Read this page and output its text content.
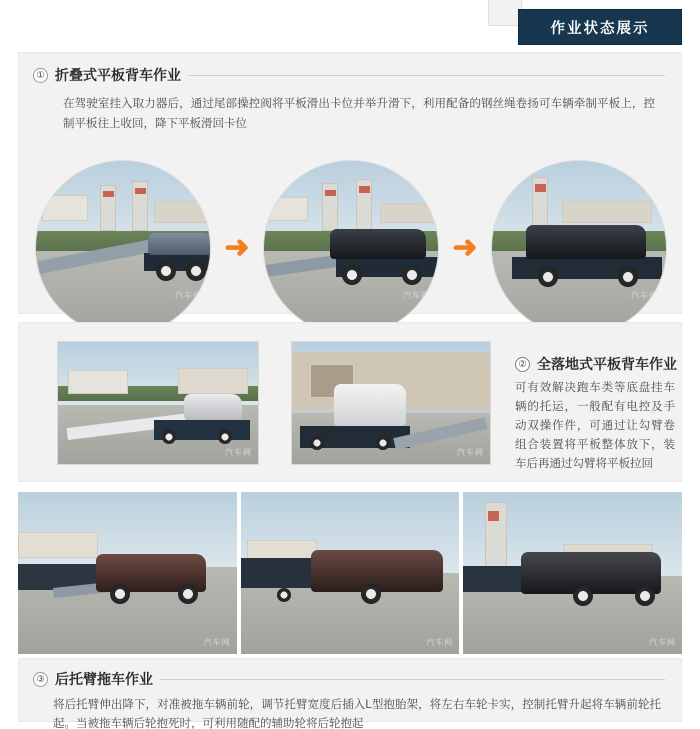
作业状态展示
① 折叠式平板背车作业
在驾驶室挂入取力器后，通过尾部操控阀将平板滑出卡位并举升滑下，利用配备的钢丝绳卷扬可车辆牵制平板上，控制平板往上收回，降下平板滑回卡位
汽车网
➜
汽车网
➜
汽车网
汽车网	汽车网
② 全落地式平板背车作业
可有效解决跑车类等底盘挂车辆的托运，一般配有电控及手动双操作件，可通过让勾臂卷组合装置将平板整体放下，装车后再通过勾臂将平板拉回
汽车网	汽车网	汽车网
③ 后托臂拖车作业
将后托臂伸出降下，对准被拖车辆前轮，调节托臂宽度后插入L型抱胎架，将左右车轮卡实，控制托臂升起将车辆前轮托起。当被拖车辆后轮抱死时，可利用随配的辅助轮将后轮抱起
